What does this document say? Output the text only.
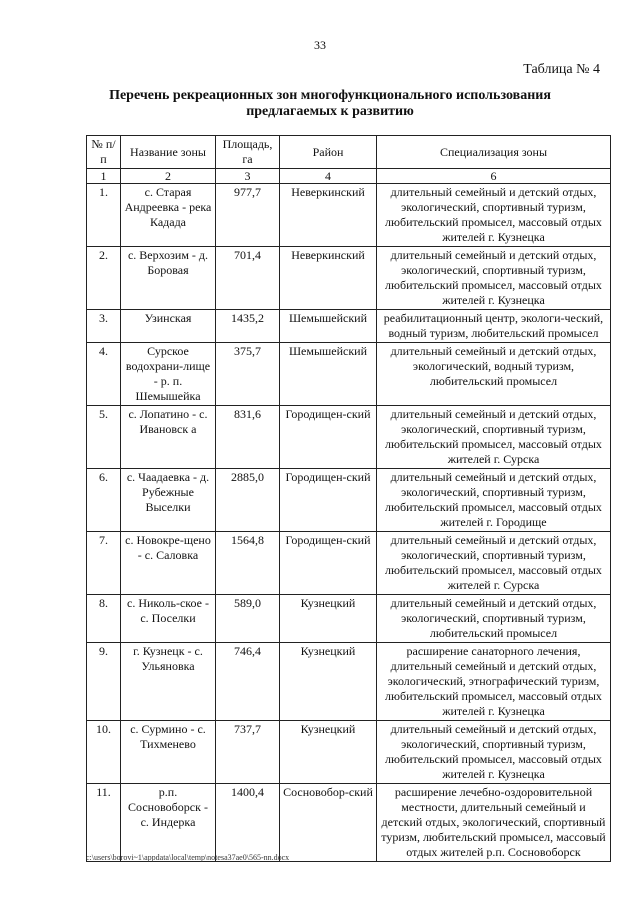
33
Таблица № 4
Перечень рекреационных зон многофункционального использования предлагаемых к развитию
№ п/п	Название зоны	Площадь, га	Район	Специализация зоны
1	2	3	4	6
1.	с. Старая Андреевка - река Кадада	977,7	Неверкинский	длительный семейный и детский отдых, экологический, спортивный туризм, любительский промысел, массовый отдых жителей г. Кузнецка
2.	с. Верхозим - д. Боровая	701,4	Неверкинский	длительный семейный и детский отдых, экологический, спортивный туризм, любительский промысел, массовый отдых жителей г. Кузнецка
3.	Узинская	1435,2	Шемышейский	реабилитационный центр, экологи-ческий, водный туризм, любительский промысел
4.	Сурское водохрани-лище - р. п. Шемышейка	375,7	Шемышейский	длительный семейный и детский отдых, экологический, водный туризм, любительский промысел
5.	с. Лопатино - с. Ивановск а	831,6	Городищен-ский	длительный семейный и детский отдых, экологический, спортивный туризм, любительский промысел, массовый отдых жителей г. Сурска
6.	с. Чаадаевка - д. Рубежные Выселки	2885,0	Городищен-ский	длительный семейный и детский отдых, экологический, спортивный туризм, любительский промысел, массовый отдых жителей г. Городище
7.	с. Новокре-щено - с. Саловка	1564,8	Городищен-ский	длительный семейный и детский отдых, экологический, спортивный туризм, любительский промысел, массовый отдых жителей г. Сурска
8.	с. Николь-ское - с. Поселки	589,0	Кузнецкий	длительный семейный и детский отдых, экологический, спортивный туризм, любительский промысел
9.	г. Кузнецк - с. Ульяновка	746,4	Кузнецкий	расширение санаторного лечения, длительный семейный и детский отдых, экологический, этнографический туризм, любительский промысел, массовый отдых жителей г. Кузнецка
10.	с. Сурмино - с. Тихменево	737,7	Кузнецкий	длительный семейный и детский отдых, экологический, спортивный туризм, любительский промысел, массовый отдых жителей г. Кузнецка
11.	р.п. Сосновоборск - с. Индерка	1400,4	Сосновобор-ский	расширение лечебно-оздоровительной местности, длительный семейный и детский отдых, экологический, спортивный туризм, любительский промысел, массовый отдых жителей р.п. Сосновоборск
c:\users\borovi~1\appdata\local\temp\notesa37ae0\565-nn.docx
